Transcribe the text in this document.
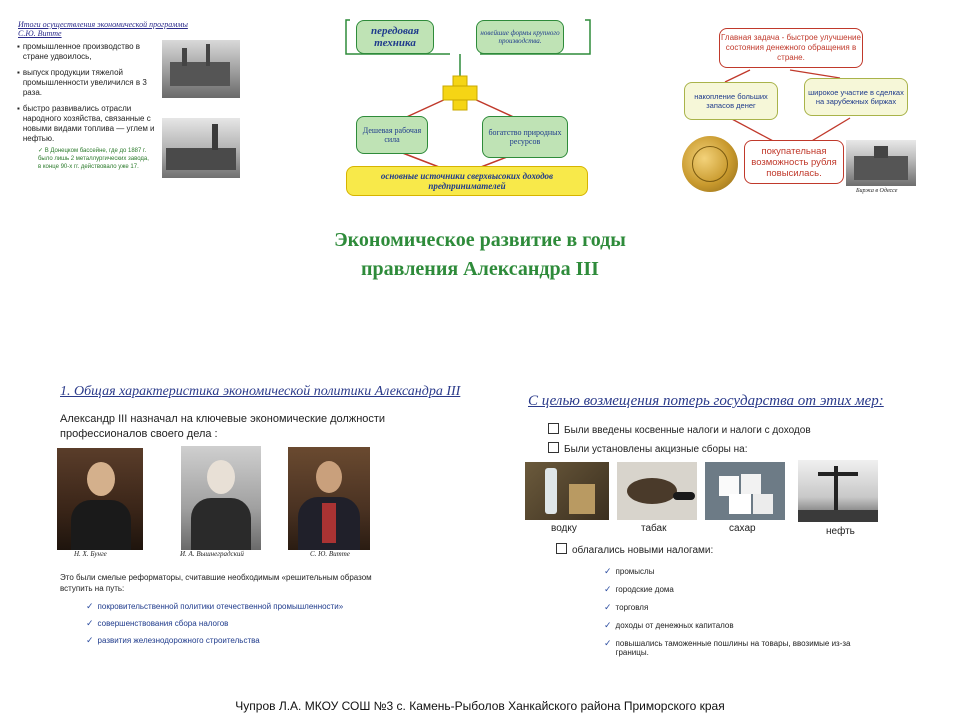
Итоги осуществления экономической программы С.Ю. Витте
▪ промышленное производство в стране удвоилось,
▪ выпуск продукции тяжелой промышленности увеличился в 3 раза.
▪ быстро развивались отрасли народного хозяйства, связанные с новыми видами топлива — углем и нефтью.
✓ В Донецком бассейне, где до 1887 г. было лишь 2 металлургических завода, в конце 90-х гг. действовало уже 17.
передовая техника
новейшие формы крупного производства.
Дешевая рабочая сила
богатство природных ресурсов
основные источники сверхвысоких доходов предпринимателей
Главная задача - быстрое улучшение состояния денежного обращения в стране.
накопление больших запасов денег
широкое участие в сделках на зарубежных биржах
покупательная возможность рубля повысилась.
Биржа в Одессе
Экономическое развитие в годы
правления Александра III
1. Общая характеристика экономической политики Александра III
Александр III назначал на ключевые экономические должности профессионалов своего дела :
Н. Х. Бунге	И. А. Вышнеградский	С. Ю. Витте
Это были смелые реформаторы, считавшие необходимым «решительным образом вступить на путь:
✓ покровительственной политики отечественной промышленности»
✓ совершенствования сбора налогов
✓ развития железнодорожного строительства
С целью возмещения потерь государства от этих мер:
Были введены косвенные налоги и налоги с доходов
Были установлены акцизные сборы на:
водку	табак	сахар	нефть
облагались новыми налогами:
✓ промыслы
✓ городские дома
✓ торговля
✓ доходы от денежных капиталов
✓ повышались таможенные пошлины на товары, ввозимые из-за границы.
Чупров Л.А. МКОУ СОШ №3 с. Камень-Рыболов Ханкайского района Приморского края
